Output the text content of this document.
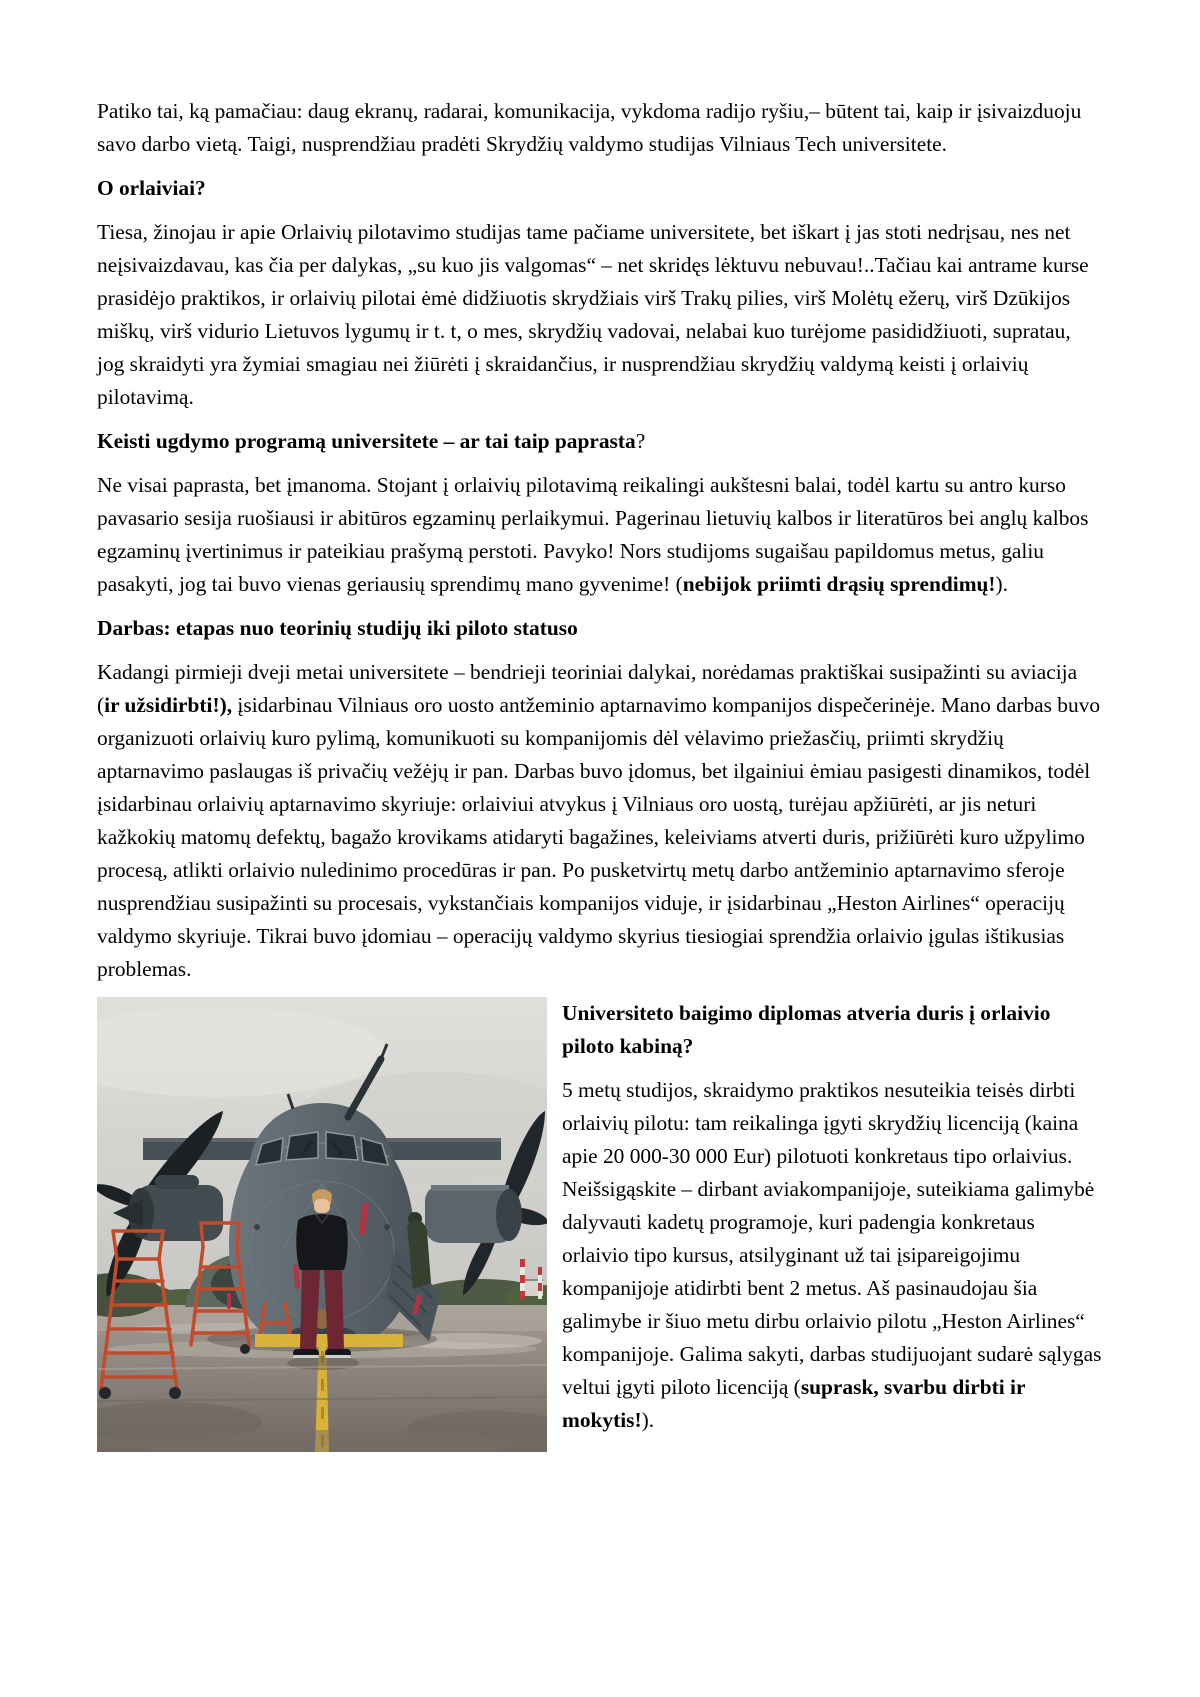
Patiko tai, ką pamačiau: daug ekranų, radarai, komunikacija, vykdoma radijo ryšiu,– būtent tai, kaip ir įsivaizduoju savo darbo vietą. Taigi, nusprendžiau pradėti Skrydžių valdymo studijas Vilniaus Tech universitete.

O orlaiviai?

Tiesa, žinojau ir apie Orlaivių pilotavimo studijas tame pačiame universitete, bet iškart į jas stoti nedrįsau, nes net neįsivaizdavau, kas čia per dalykas, „su kuo jis valgomas“ – net skridęs lėktuvu nebuvau!..Tačiau kai antrame kurse prasidėjo praktikos, ir orlaivių pilotai ėmė didžiuotis skrydžiais virš Trakų pilies, virš Molėtų ežerų, virš Dzūkijos miškų, virš vidurio Lietuvos lygumų ir t. t, o mes, skrydžių vadovai, nelabai kuo turėjome pasididžiuoti, supratau, jog skraidyti yra žymiai smagiau nei žiūrėti į skraidančius, ir nusprendžiau skrydžių valdymą keisti į orlaivių pilotavimą.

Keisti ugdymo programą universitete – ar tai taip paprasta?

Ne visai paprasta, bet įmanoma. Stojant į orlaivių pilotavimą reikalingi aukštesni balai, todėl kartu su antro kurso pavasario sesija ruošiausi ir abitūros egzaminų perlaikymui. Pagerinau lietuvių kalbos ir literatūros bei anglų kalbos egzaminų įvertinimus ir pateikiau prašymą perstoti. Pavyko! Nors studijoms sugaišau papildomus metus, galiu pasakyti, jog tai buvo vienas geriausių sprendimų mano gyvenime! (nebijok priimti drąsių sprendimų!).

Darbas: etapas nuo teorinių studijų iki piloto statuso

Kadangi pirmieji dveji metai universitete – bendrieji teoriniai dalykai, norėdamas praktiškai susipažinti su aviacija (ir užsidirbti!), įsidarbinau Vilniaus oro uosto antžeminio aptarnavimo kompanijos dispečerinėje. Mano darbas buvo organizuoti orlaivių kuro pylimą, komunikuoti su kompanijomis dėl vėlavimo priežasčių, priimti skrydžių aptarnavimo paslaugas iš privačių vežėjų ir pan. Darbas buvo įdomus, bet ilgainiui ėmiau pasigesti dinamikos, todėl įsidarbinau orlaivių aptarnavimo skyriuje: orlaiviui atvykus į Vilniaus oro uostą, turėjau apžiūrėti, ar jis neturi kažkokių matomų defektų, bagažo krovikams atidaryti bagažines, keleiviams atverti duris, prižiūrėti kuro užpylimo procesą, atlikti orlaivio nuledinimo procedūras ir pan. Po pusketvirtų metų darbo antžeminio aptarnavimo sferoje nusprendžiau susipažinti su procesais, vykstančiais kompanijos viduje, ir įsidarbinau „Heston Airlines“ operacijų valdymo skyriuje. Tikrai buvo įdomiau – operacijų valdymo skyrius tiesiogiai sprendžia orlaivio įgulas ištikusias problemas.

Universiteto baigimo diplomas atveria duris į orlaivio piloto kabiną?

5 metų studijos, skraidymo praktikos nesuteikia teisės dirbti orlaivių pilotu: tam reikalinga įgyti skrydžių licenciją (kaina apie 20 000-30 000 Eur) pilotuoti konkretaus tipo orlaivius. Neišsigąskite – dirbant aviakompanijoje, suteikiama galimybė dalyvauti kadetų programoje, kuri padengia konkretaus orlaivio tipo kursus, atsilyginant už tai įsipareigojimu kompanijoje atidirbti bent 2 metus. Aš pasinaudojau šia galimybe ir šiuo metu dirbu orlaivio pilotu „Heston Airlines“ kompanijoje. Galima sakyti, darbas studijuojant sudarė sąlygas veltui įgyti piloto licenciją (suprask, svarbu dirbti ir mokytis!).
